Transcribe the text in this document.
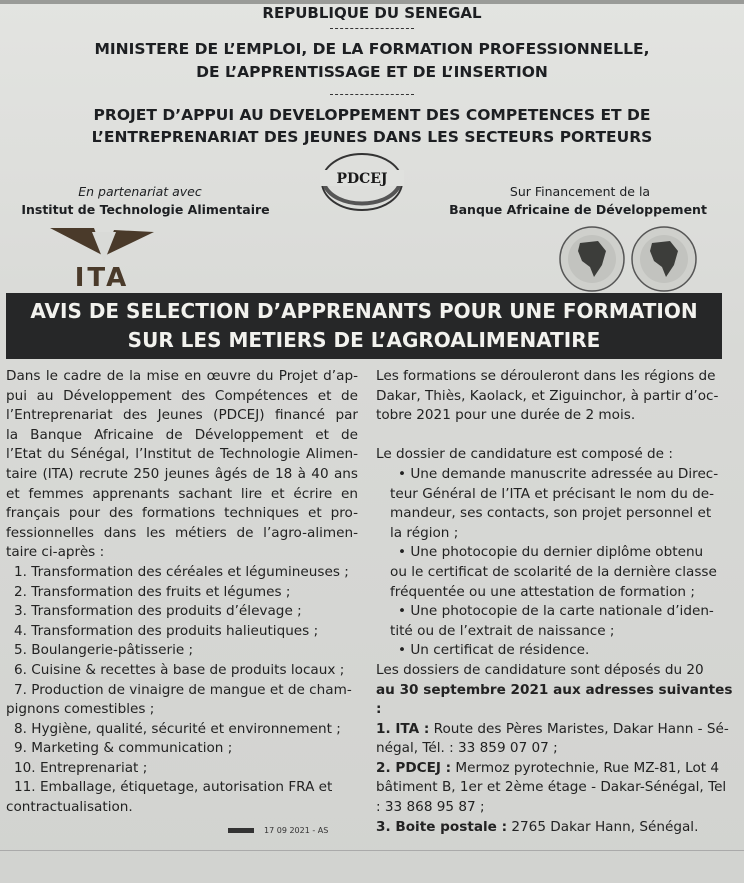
REPUBLIQUE DU SENEGAL
MINISTERE DE L’EMPLOI, DE LA FORMATION PROFESSIONNELLE,
DE L’APPRENTISSAGE ET DE L’INSERTION
PROJET D’APPUI AU DEVELOPPEMENT DES COMPETENCES ET DE
L’ENTREPRENARIAT DES JEUNES DANS LES SECTEURS PORTEURS
PDCEJ
En partenariat avec
Institut de Technologie Alimentaire
Sur Financement de la
Banque Africaine de Développement
ITA
AVIS DE SELECTION D’APPRENANTS POUR UNE FORMATION
SUR LES METIERS DE L’AGROALIMENATIRE

Dans le cadre de la mise en œuvre du Projet d’ap-

pui au Développement des Compétences et de

l’Entreprenariat des Jeunes (PDCEJ) financé par

la Banque Africaine de Développement et de

l’Etat du Sénégal, l’Institut de Technologie Alimen-

taire (ITA) recrute 250 jeunes âgés de 18 à 40 ans

et femmes apprenants sachant lire et écrire en

français pour des formations techniques et pro-

fessionnelles dans les métiers de l’agro-alimen-

taire ci-après :

1. Transformation des céréales et légumineuses ;
2. Transformation des fruits et légumes ;
3. Transformation des produits d’élevage ;
4. Transformation des produits halieutiques ;
5. Boulangerie-pâtisserie ;
6. Cuisine & recettes à base de produits locaux ;
7. Production de vinaigre de mangue et de cham-
pignons comestibles ;
8. Hygiène, qualité, sécurité et environnement ;
9. Marketing & communication ;
10. Entreprenariat ;
11. Emballage, étiquetage, autorisation FRA et
contractualisation.

Les formations se dérouleront dans les régions de

Dakar, Thiès, Kaolack, et Ziguinchor, à partir d’oc-

tobre 2021 pour une durée de 2 mois.

Le dossier de candidature est composé de :

• Une demande manuscrite adressée au Direc-

teur Général de l’ITA et précisant le nom du de-

mandeur, ses contacts, son projet personnel et

la région ;

• Une photocopie du dernier diplôme obtenu

ou le certificat de scolarité de la dernière classe

fréquentée ou une attestation de formation ;

• Une photocopie de la carte nationale d’iden-

tité ou de l’extrait de naissance ;

• Un certificat de résidence.

Les dossiers de candidature sont déposés du 20

au 30 septembre 2021 aux adresses suivantes :

1. ITA : Route des Pères Maristes, Dakar Hann - Sé-

négal, Tél. : 33 859 07 07 ;

2. PDCEJ : Mermoz pyrotechnie, Rue MZ-81, Lot 4

bâtiment B, 1er et 2ème étage - Dakar-Sénégal, Tel

: 33 868 95 87 ;

3. Boite postale : 2765 Dakar Hann, Sénégal.

17 09 2021 - AS
